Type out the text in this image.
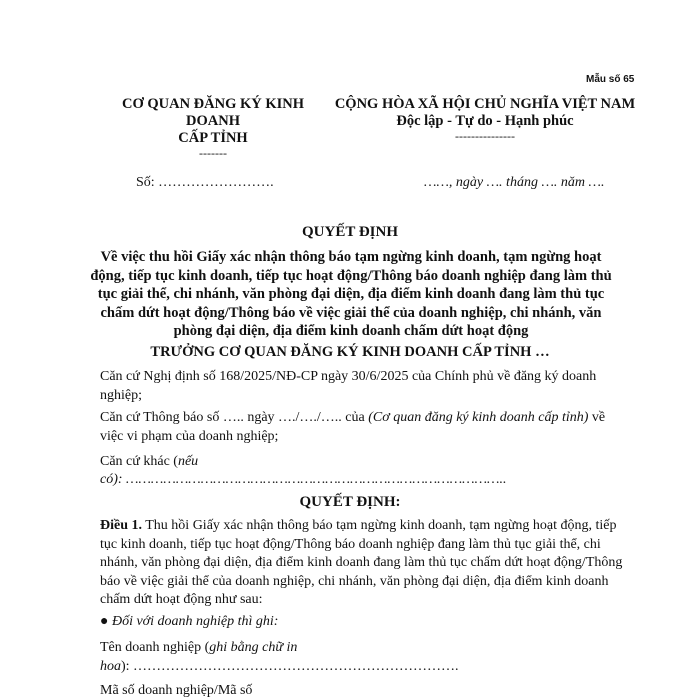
Mẫu số 65
CƠ QUAN ĐĂNG KÝ KINH DOANH
CẤP TỈNH
-------
CỘNG HÒA XÃ HỘI CHỦ NGHĨA VIỆT NAM
Độc lập - Tự do - Hạnh phúc
---------------
Số: …………………….	……, ngày …. tháng …. năm ….
QUYẾT ĐỊNH
Về việc thu hồi Giấy xác nhận thông báo tạm ngừng kinh doanh, tạm ngừng hoạt động, tiếp tục kinh doanh, tiếp tục hoạt động/Thông báo doanh nghiệp đang làm thủ tục giải thể, chi nhánh, văn phòng đại diện, địa điểm kinh doanh đang làm thủ tục chấm dứt hoạt động/Thông báo về việc giải thể của doanh nghiệp, chi nhánh, văn phòng đại diện, địa điểm kinh doanh chấm dứt hoạt động
TRƯỞNG CƠ QUAN ĐĂNG KÝ KINH DOANH CẤP TỈNH …
Căn cứ Nghị định số 168/2025/NĐ-CP ngày 30/6/2025 của Chính phủ về đăng ký doanh nghiệp;
Căn cứ Thông báo số ….. ngày …./…./….. của (Cơ quan đăng ký kinh doanh cấp tỉnh) về việc vi phạm của doanh nghiệp;
Căn cứ khác (nếu
có): ………………………………………………………………………………..
QUYẾT ĐỊNH:
Điều 1. Thu hồi Giấy xác nhận thông báo tạm ngừng kinh doanh, tạm ngừng hoạt động, tiếp tục kinh doanh, tiếp tục hoạt động/Thông báo doanh nghiệp đang làm thủ tục giải thể, chi nhánh, văn phòng đại diện, địa điểm kinh doanh đang làm thủ tục chấm dứt hoạt động/Thông báo về việc giải thể của doanh nghiệp, chi nhánh, văn phòng đại diện, địa điểm kinh doanh chấm dứt hoạt động như sau:
● Đối với doanh nghiệp thì ghi:
Tên doanh nghiệp (ghi bằng chữ in
hoa): …………………………………………………………….
Mã số doanh nghiệp/Mã số
